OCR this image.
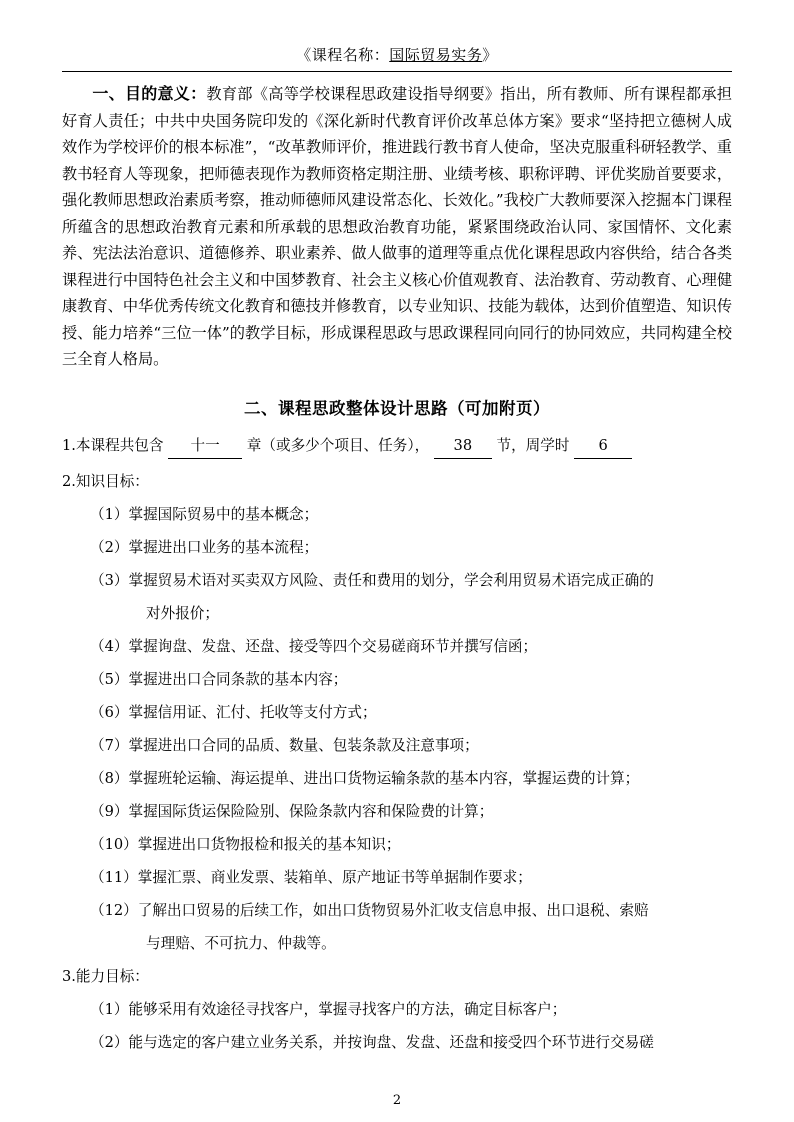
《课程名称：国际贸易实务》

一、目的意义：教育部《高等学校课程思政建设指导纲要》指出，所有教师、所有课程都承担好育人责任；中共中央国务院印发的《深化新时代教育评价改革总体方案》要求“坚持把立德树人成效作为学校评价的根本标准”，“改革教师评价，推进践行教书育人使命，坚决克服重科研轻教学、重教书轻育人等现象，把师德表现作为教师资格定期注册、业绩考核、职称评聘、评优奖励首要要求，强化教师思想政治素质考察，推动师德师风建设常态化、长效化。”我校广大教师要深入挖掘本门课程所蕴含的思想政治教育元素和所承载的思想政治教育功能，紧紧围绕政治认同、家国情怀、文化素养、宪法法治意识、道德修养、职业素养、做人做事的道理等重点优化课程思政内容供给，结合各类课程进行中国特色社会主义和中国梦教育、社会主义核心价值观教育、法治教育、劳动教育、心理健康教育、中华优秀传统文化教育和德技并修教育，以专业知识、技能为载体，达到价值塑造、知识传授、能力培养“三位一体”的教学目标，形成课程思政与思政课程同向同行的协同效应，共同构建全校三全育人格局。

二、课程思政整体设计思路（可加附页）
1.本课程共包含 十一 章（或多少个项目、任务）， 38 节，周学时 6
2.知识目标：
（1）掌握国际贸易中的基本概念；
（2）掌握进出口业务的基本流程；
（3）掌握贸易术语对买卖双方风险、责任和费用的划分，学会利用贸易术语完成正确的
对外报价；
（4）掌握询盘、发盘、还盘、接受等四个交易磋商环节并撰写信函；
（5）掌握进出口合同条款的基本内容；
（6）掌握信用证、汇付、托收等支付方式；
（7）掌握进出口合同的品质、数量、包装条款及注意事项；
（8）掌握班轮运输、海运提单、进出口货物运输条款的基本内容，掌握运费的计算；
（9）掌握国际货运保险险别、保险条款内容和保险费的计算；
（10）掌握进出口货物报检和报关的基本知识；
（11）掌握汇票、商业发票、装箱单、原产地证书等单据制作要求；
（12）了解出口贸易的后续工作，如出口货物贸易外汇收支信息申报、出口退税、索赔
与理赔、不可抗力、仲裁等。
3.能力目标：
（1）能够采用有效途径寻找客户，掌握寻找客户的方法，确定目标客户；
（2）能与选定的客户建立业务关系，并按询盘、发盘、还盘和接受四个环节进行交易磋
2
